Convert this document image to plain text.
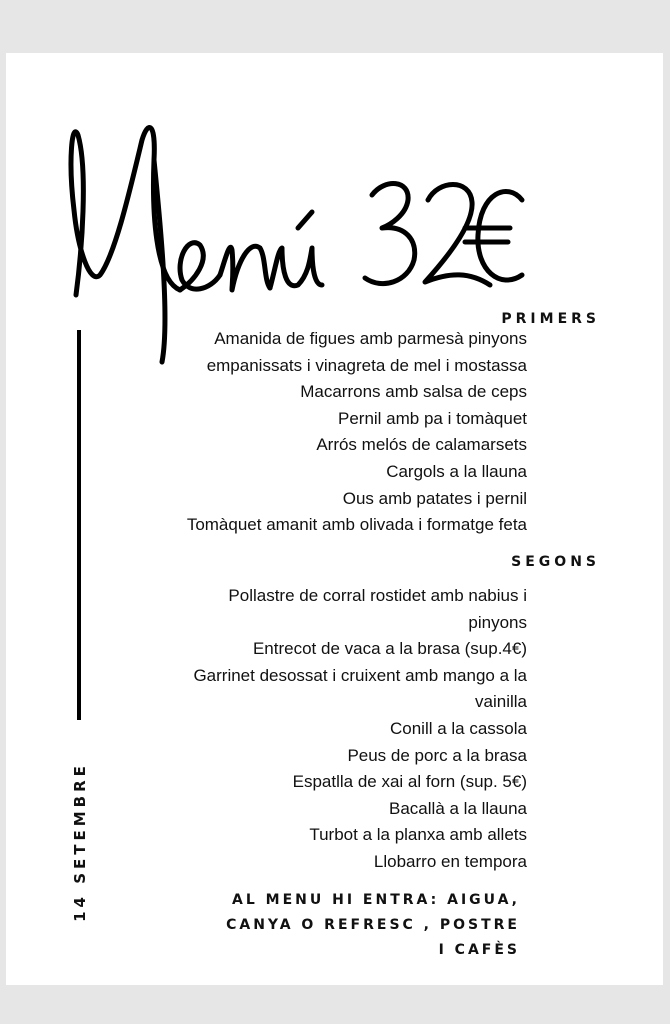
14 SETEMBRE
PRIMERS
Amanida de figues amb parmesà pinyons
empanissats i vinagreta de mel i mostassa
Macarrons amb salsa de ceps
Pernil amb pa i tomàquet
Arrós melós de calamarsets
Cargols a la llauna
Ous amb patates i pernil
Tomàquet amanit amb olivada i formatge feta
SEGONS
Pollastre de corral rostidet amb nabius i
pinyons
Entrecot de vaca a la brasa (sup.4€)
Garrinet desossat i cruixent amb mango a la
vainilla
Conill a la cassola
Peus de porc a la brasa
Espatlla de xai al forn (sup. 5€)
Bacallà a la llauna
Turbot a la planxa amb allets
Llobarro en tempora
AL MENU HI ENTRA: AIGUA,
CANYA O REFRESC , POSTRE
I CAFÈS
